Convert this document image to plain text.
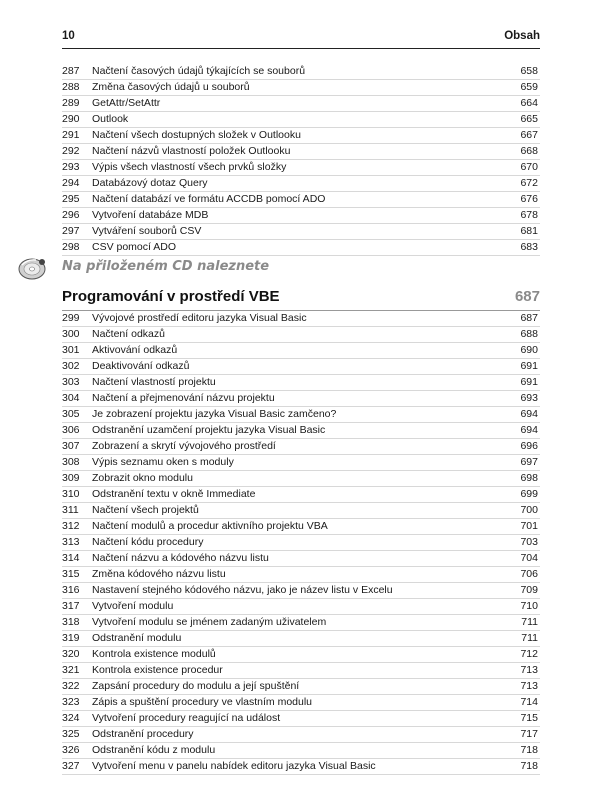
10	Obsah
287	Načtení časových údajů týkajících se souborů	658
288	Změna časových údajů u souborů	659
289	GetAttr/SetAttr	664
290	Outlook	665
291	Načtení všech dostupných složek v Outlooku	667
292	Načtení názvů vlastností položek Outlooku	668
293	Výpis všech vlastností všech prvků složky	670
294	Databázový dotaz Query	672
295	Načtení databází ve formátu ACCDB pomocí ADO	676
296	Vytvoření databáze MDB	678
297	Vytváření souborů CSV	681
298	CSV pomocí ADO	683
Na přiloženém CD naleznete
Programování v prostředí VBE	687
299	Vývojové prostředí editoru jazyka Visual Basic	687
300	Načtení odkazů	688
301	Aktivování odkazů	690
302	Deaktivování odkazů	691
303	Načtení vlastností projektu	691
304	Načtení a přejmenování názvu projektu	693
305	Je zobrazení projektu jazyka Visual Basic zamčeno?	694
306	Odstranění uzamčení projektu jazyka Visual Basic	694
307	Zobrazení a skrytí vývojového prostředí	696
308	Výpis seznamu oken s moduly	697
309	Zobrazit okno modulu	698
310	Odstranění textu v okně Immediate	699
311	Načtení všech projektů	700
312	Načtení modulů a procedur aktivního projektu VBA	701
313	Načtení kódu procedury	703
314	Načtení názvu a kódového názvu listu	704
315	Změna kódového názvu listu	706
316	Nastavení stejného kódového názvu, jako je název listu v Excelu	709
317	Vytvoření modulu	710
318	Vytvoření modulu se jménem zadaným uživatelem	711
319	Odstranění modulu	711
320	Kontrola existence modulů	712
321	Kontrola existence procedur	713
322	Zapsání procedury do modulu a její spuštění	713
323	Zápis a spuštění procedury ve vlastním modulu	714
324	Vytvoření procedury reagující na událost	715
325	Odstranění procedury	717
326	Odstranění kódu z modulu	718
327	Vytvoření menu v panelu nabídek editoru jazyka Visual Basic	718
